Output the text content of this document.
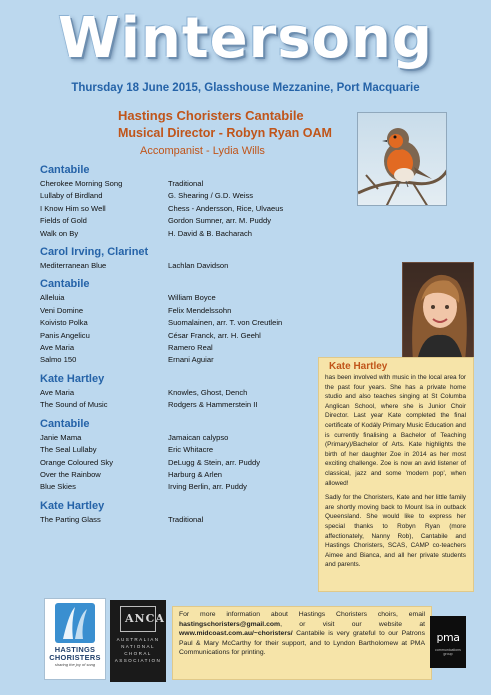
Wintersong
Thursday 18 June 2015, Glasshouse Mezzanine, Port Macquarie
Hastings Choristers Cantabile
Musical Director - Robyn Ryan OAM
Accompanist - Lydia Wills
Cantabile
Cherokee Morning Song	Traditional
Lullaby of Birdland	G. Shearing / G.D. Weiss
I Know Him so Well	Chess - Andersson, Rice, Ulvaeus
Fields of Gold	Gordon Sumner, arr. M. Puddy
Walk on By	H. David & B. Bacharach
Carol Irving, Clarinet
Mediterranean Blue	Lachlan Davidson
Cantabile
Alleluia	William Boyce
Veni Domine	Felix Mendelssohn
Koivisto Polka	Suomalainen, arr. T. von Creutlein
Panis Angelicu	César Franck, arr. H. Geehl
Ave Maria	Ramero Real
Salmo 150	Ernani Aguiar
Kate Hartley
Ave Maria	Knowles, Ghost, Dench
The Sound of Music	Rodgers & Hammerstein II
Cantabile
Janie Mama	Jamaican calypso
The Seal Lullaby	Eric Whitacre
Orange Coloured Sky	DeLugg & Stein, arr. Puddy
Over the Rainbow	Harburg & Arlen
Blue Skies	Irving Berlin, arr. Puddy
Kate Hartley
The Parting Glass	Traditional
Kate Hartley

has been involved with music in the local area for the past four years. She has a private home studio and also teaches singing at St Columba Anglican School, where she is Junior Choir Director. Last year Kate completed the final certificate of Kodály Primary Music Education and is currently finalising a Bachelor of Teaching (Primary)/Bachelor of Arts. Kate highlights the birth of her daughter Zoe in 2014 as her most exciting challenge. Zoe is now an avid listener of classical, jazz and some 'modern pop', when allowed!

Sadly for the Choristers, Kate and her little family are shortly moving back to Mount Isa in outback Queensland. She would like to express her special thanks to Robyn Ryan (more affectionately, Nanny Rob), Cantabile and Hastings Choristers, SCAS, CAMP co-teachers Aimee and Bianca, and all her private students and parents.

HASTINGS
CHORISTERS
sharing the joy of song
ANCA
AUSTRALIAN
NATIONAL
CHORAL
ASSOCIATION
For more information about Hastings Choristers choirs, email hastingschoristers@gmail.com, or visit our website at www.midcoast.com.au/~choristers/ Cantabile is very grateful to our Patrons Paul & Mary McCarthy for their support, and to Lyndon Bartholomew at PMA Communications for printing.
pma
communications group
